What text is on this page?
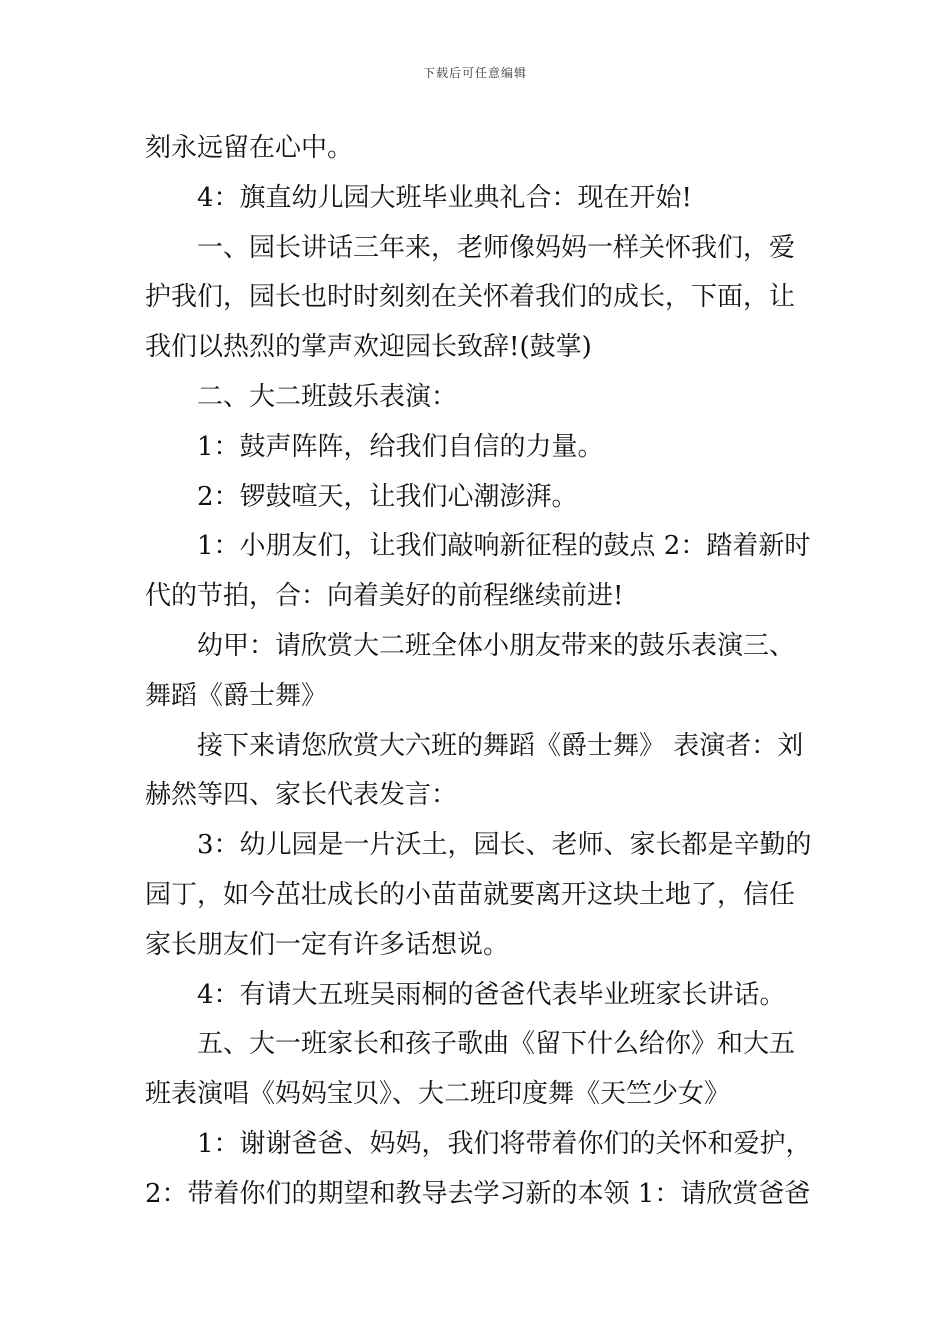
下载后可任意编辑
刻永远留在心中。
4：旗直幼儿园大班毕业典礼合：现在开始!
一、园长讲话三年来，老师像妈妈一样关怀我们，爱
护我们，园长也时时刻刻在关怀着我们的成长，下面，让
我们以热烈的掌声欢迎园长致辞!(鼓掌)
二、大二班鼓乐表演：
1：鼓声阵阵，给我们自信的力量。
2：锣鼓喧天，让我们心潮澎湃。
1：小朋友们，让我们敲响新征程的鼓点 2：踏着新时
代的节拍，合：向着美好的前程继续前进!
幼甲：请欣赏大二班全体小朋友带来的鼓乐表演三、
舞蹈《爵士舞》
接下来请您欣赏大六班的舞蹈《爵士舞》 表演者：刘
赫然等四、家长代表发言：
3：幼儿园是一片沃土，园长、老师、家长都是辛勤的
园丁，如今茁壮成长的小苗苗就要离开这块土地了，信任
家长朋友们一定有许多话想说。
4：有请大五班吴雨桐的爸爸代表毕业班家长讲话。
五、大一班家长和孩子歌曲《留下什么给你》和大五
班表演唱《妈妈宝贝》、大二班印度舞《天竺少女》
1：谢谢爸爸、妈妈，我们将带着你们的关怀和爱护，
2：带着你们的期望和教导去学习新的本领 1：请欣赏爸爸
